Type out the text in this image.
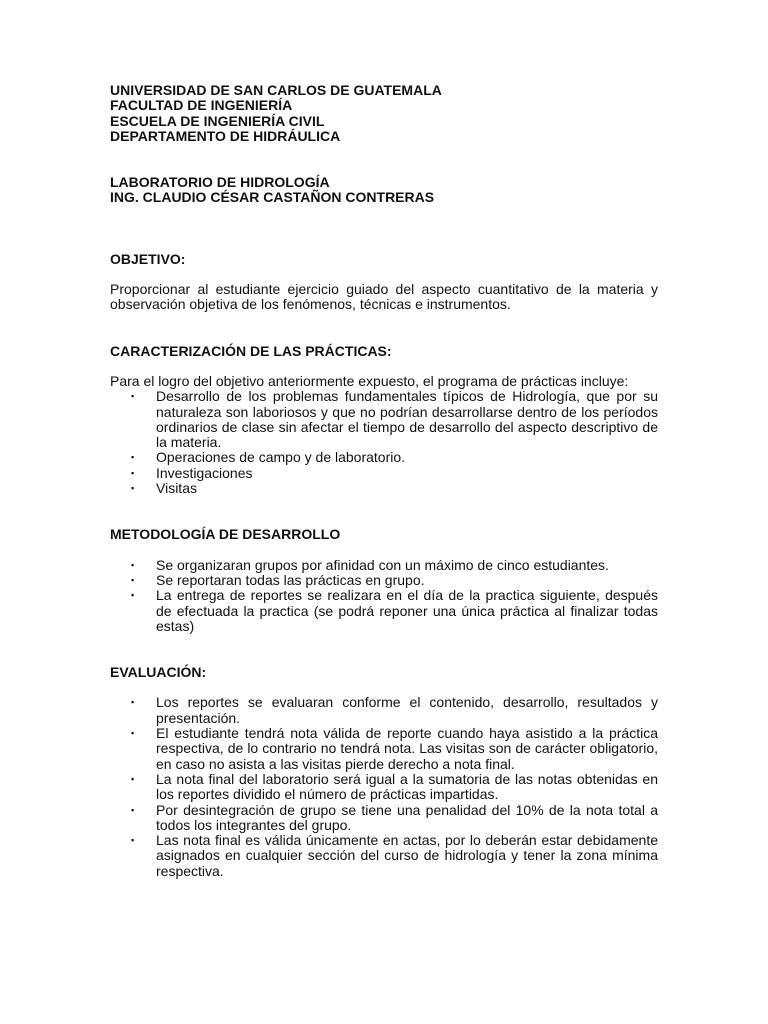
UNIVERSIDAD DE SAN CARLOS DE GUATEMALA
FACULTAD DE INGENIERÍA
ESCUELA DE INGENIERÍA CIVIL
DEPARTAMENTO DE HIDRÁULICA
LABORATORIO DE HIDROLOGÍA
ING. CLAUDIO CÉSAR CASTAÑON CONTRERAS
OBJETIVO:
Proporcionar al estudiante ejercicio guiado del aspecto cuantitativo de la materia y observación objetiva de los fenómenos, técnicas e instrumentos.
CARACTERIZACIÓN DE LAS PRÁCTICAS:
Para el logro del objetivo anteriormente expuesto, el programa de prácticas incluye:
▪ Desarrollo de los problemas fundamentales típicos de Hidrología, que por su naturaleza son laboriosos y que no podrían desarrollarse dentro de los períodos ordinarios de clase sin afectar el tiempo de desarrollo del aspecto descriptivo de la materia.
▪ Operaciones de campo y de laboratorio.
▪ Investigaciones
▪ Visitas
METODOLOGÍA DE DESARROLLO
▪ Se organizaran grupos por afinidad con un máximo de cinco estudiantes.
▪ Se reportaran todas las prácticas en grupo.
▪ La entrega de reportes se realizara en el día de la practica siguiente, después de efectuada la practica (se podrá reponer una única práctica al finalizar todas estas)
EVALUACIÓN:
▪ Los reportes se evaluaran conforme el contenido, desarrollo, resultados y presentación.
▪ El estudiante tendrá nota válida de reporte cuando haya asistido a la práctica respectiva, de lo contrario no tendrá nota. Las visitas son de carácter obligatorio, en caso no asista a las visitas pierde derecho a nota final.
▪ La nota final del laboratorio será igual a la sumatoria de las notas obtenidas en los reportes dividido el número de prácticas impartidas.
▪ Por desintegración de grupo se tiene una penalidad del 10% de la nota total a todos los integrantes del grupo.
▪ Las nota final es válida únicamente en actas, por lo deberán estar debidamente asignados en cualquier sección del curso de hidrología y tener la zona mínima respectiva.
